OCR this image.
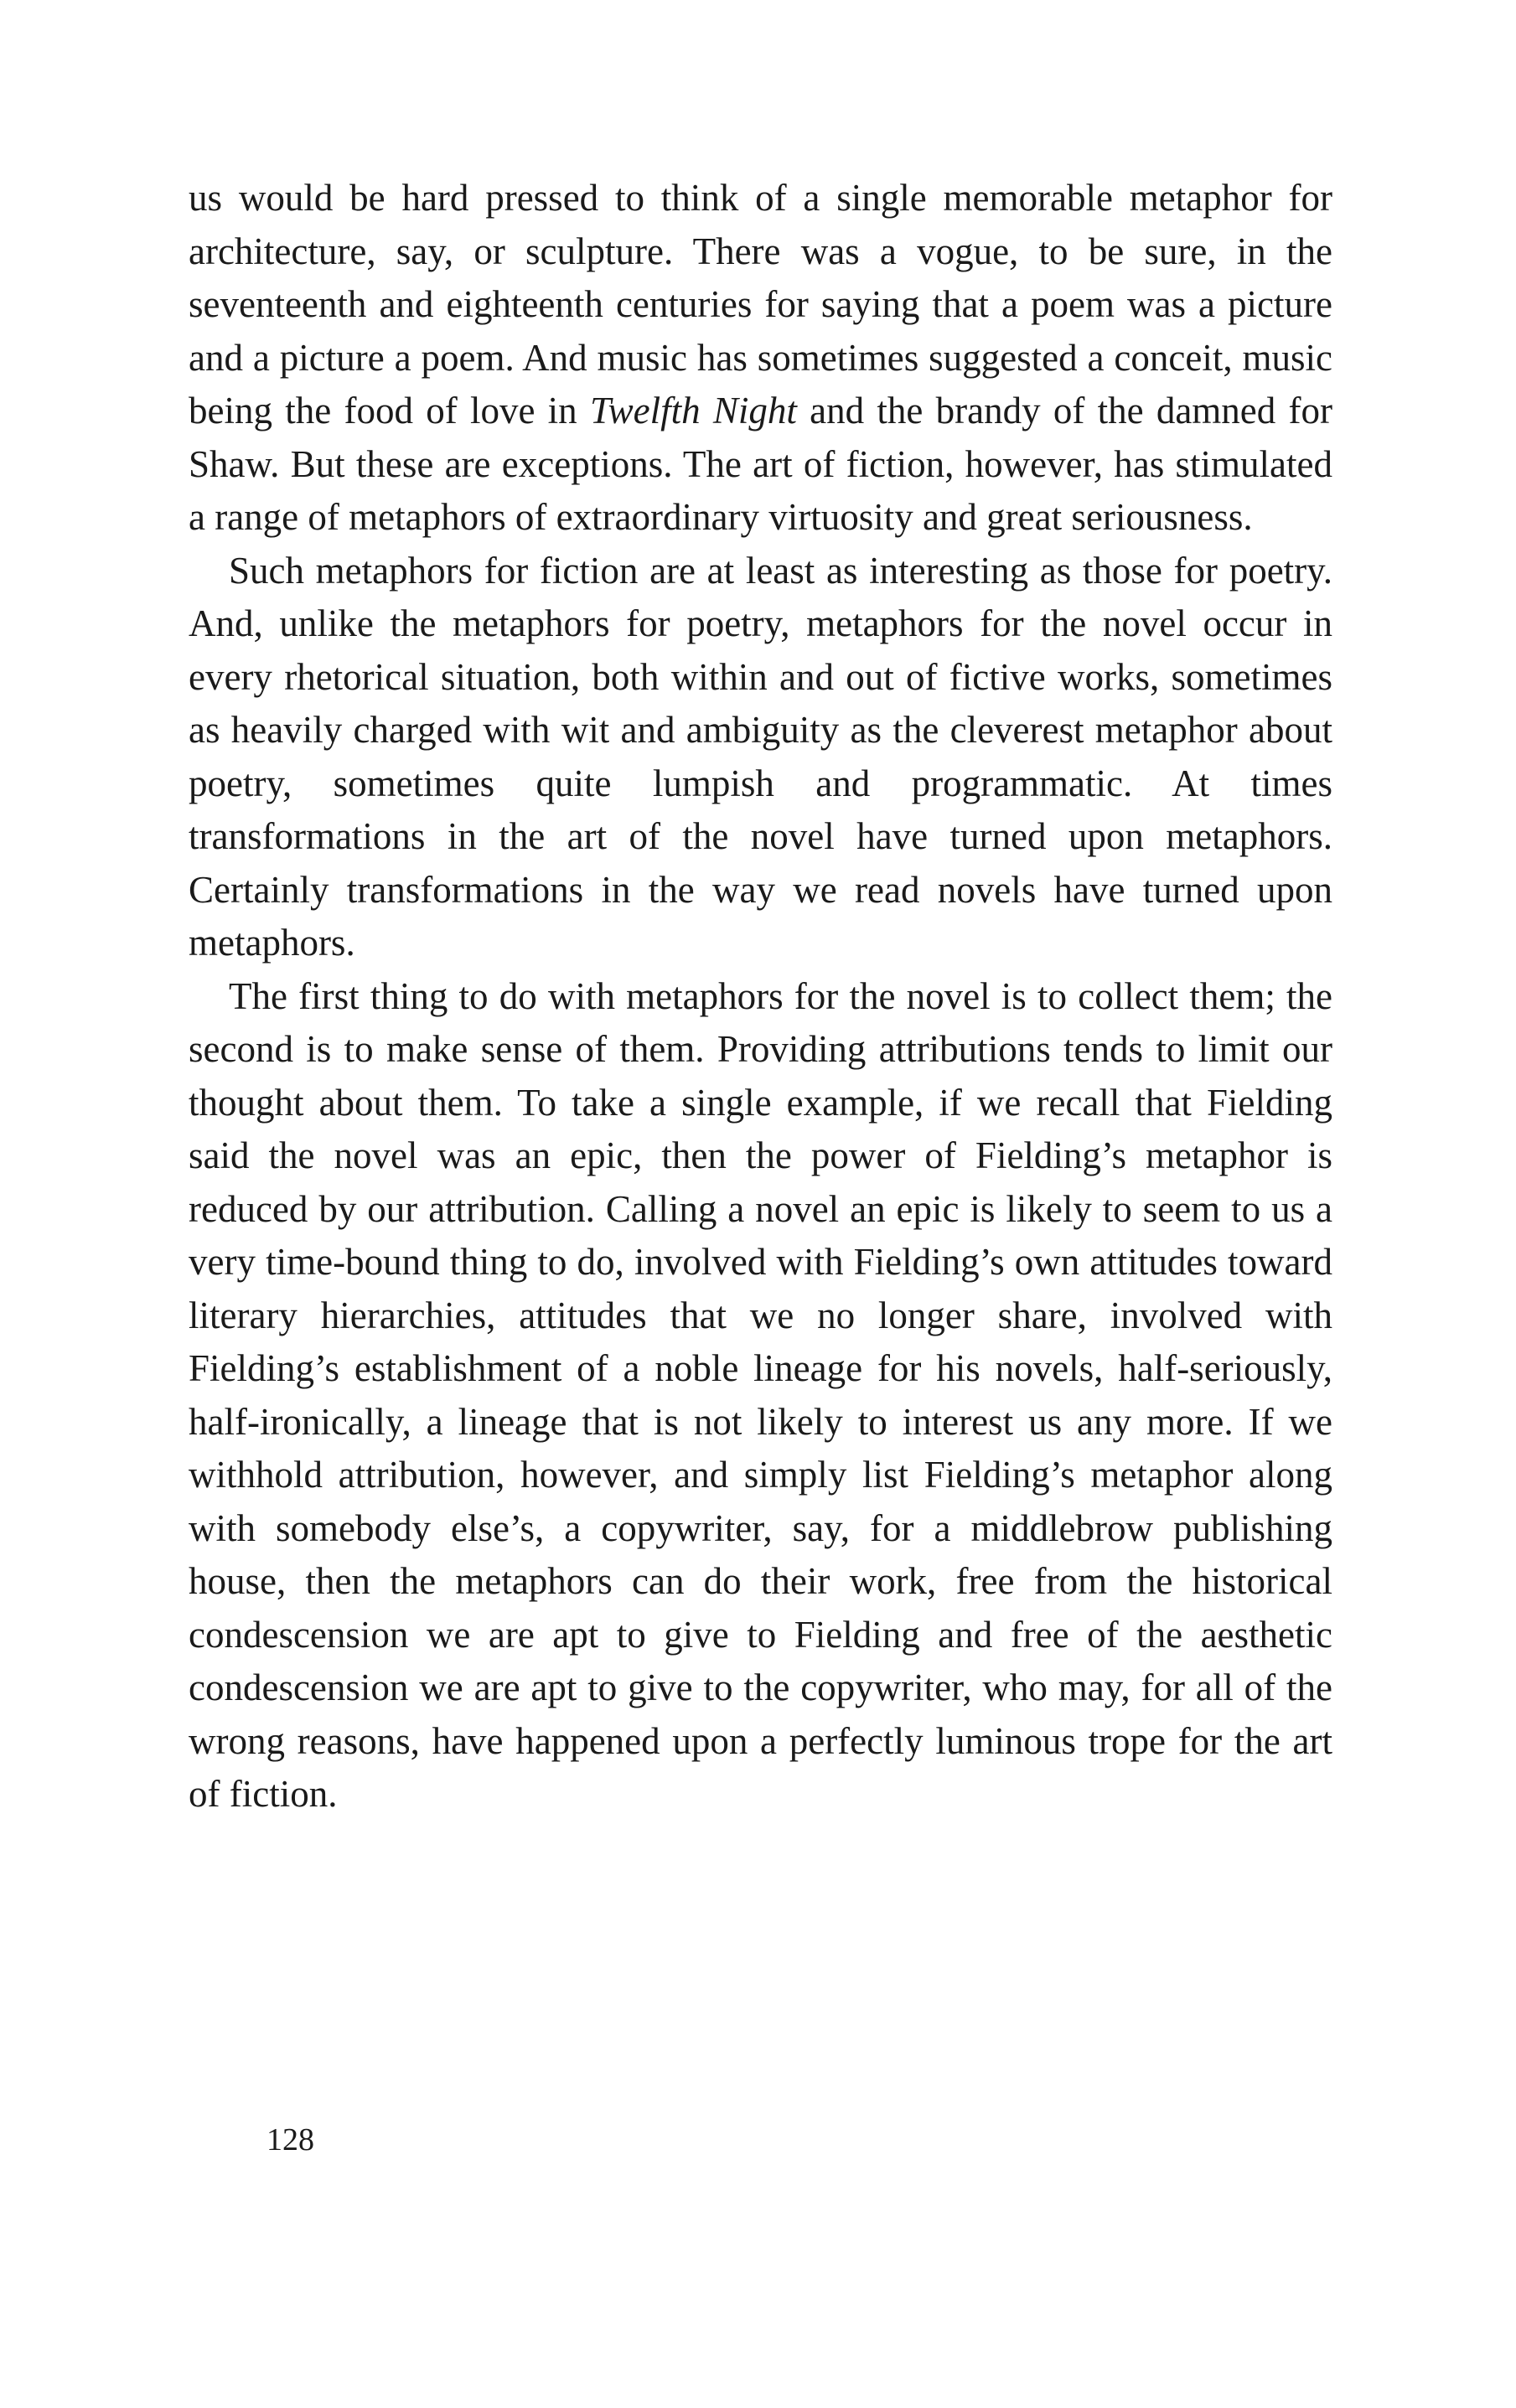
us would be hard pressed to think of a single memorable metaphor for architecture, say, or sculpture. There was a vogue, to be sure, in the seventeenth and eighteenth centuries for saying that a poem was a picture and a picture a poem. And music has sometimes suggested a conceit, music being the food of love in Twelfth Night and the brandy of the damned for Shaw. But these are exceptions. The art of fiction, however, has stimulated a range of metaphors of extraordinary virtuosity and great seriousness.

Such metaphors for fiction are at least as interesting as those for poetry. And, unlike the metaphors for poetry, metaphors for the novel occur in every rhetorical situation, both within and out of fictive works, sometimes as heavily charged with wit and ambiguity as the cleverest metaphor about poetry, sometimes quite lumpish and programmatic. At times transformations in the art of the novel have turned upon metaphors. Certainly transformations in the way we read novels have turned upon metaphors.

The first thing to do with metaphors for the novel is to collect them; the second is to make sense of them. Providing attributions tends to limit our thought about them. To take a single example, if we recall that Fielding said the novel was an epic, then the power of Fielding’s metaphor is reduced by our attribution. Calling a novel an epic is likely to seem to us a very time-bound thing to do, involved with Fielding’s own attitudes toward literary hierarchies, attitudes that we no longer share, involved with Fielding’s establishment of a noble lineage for his novels, half-seriously, half-ironically, a lineage that is not likely to interest us any more. If we withhold attribution, however, and simply list Fielding’s metaphor along with somebody else’s, a copywriter, say, for a middlebrow publishing house, then the metaphors can do their work, free from the historical condescension we are apt to give to Fielding and free of the aesthetic condescension we are apt to give to the copywriter, who may, for all of the wrong reasons, have happened upon a perfectly luminous trope for the art of fiction.

128
